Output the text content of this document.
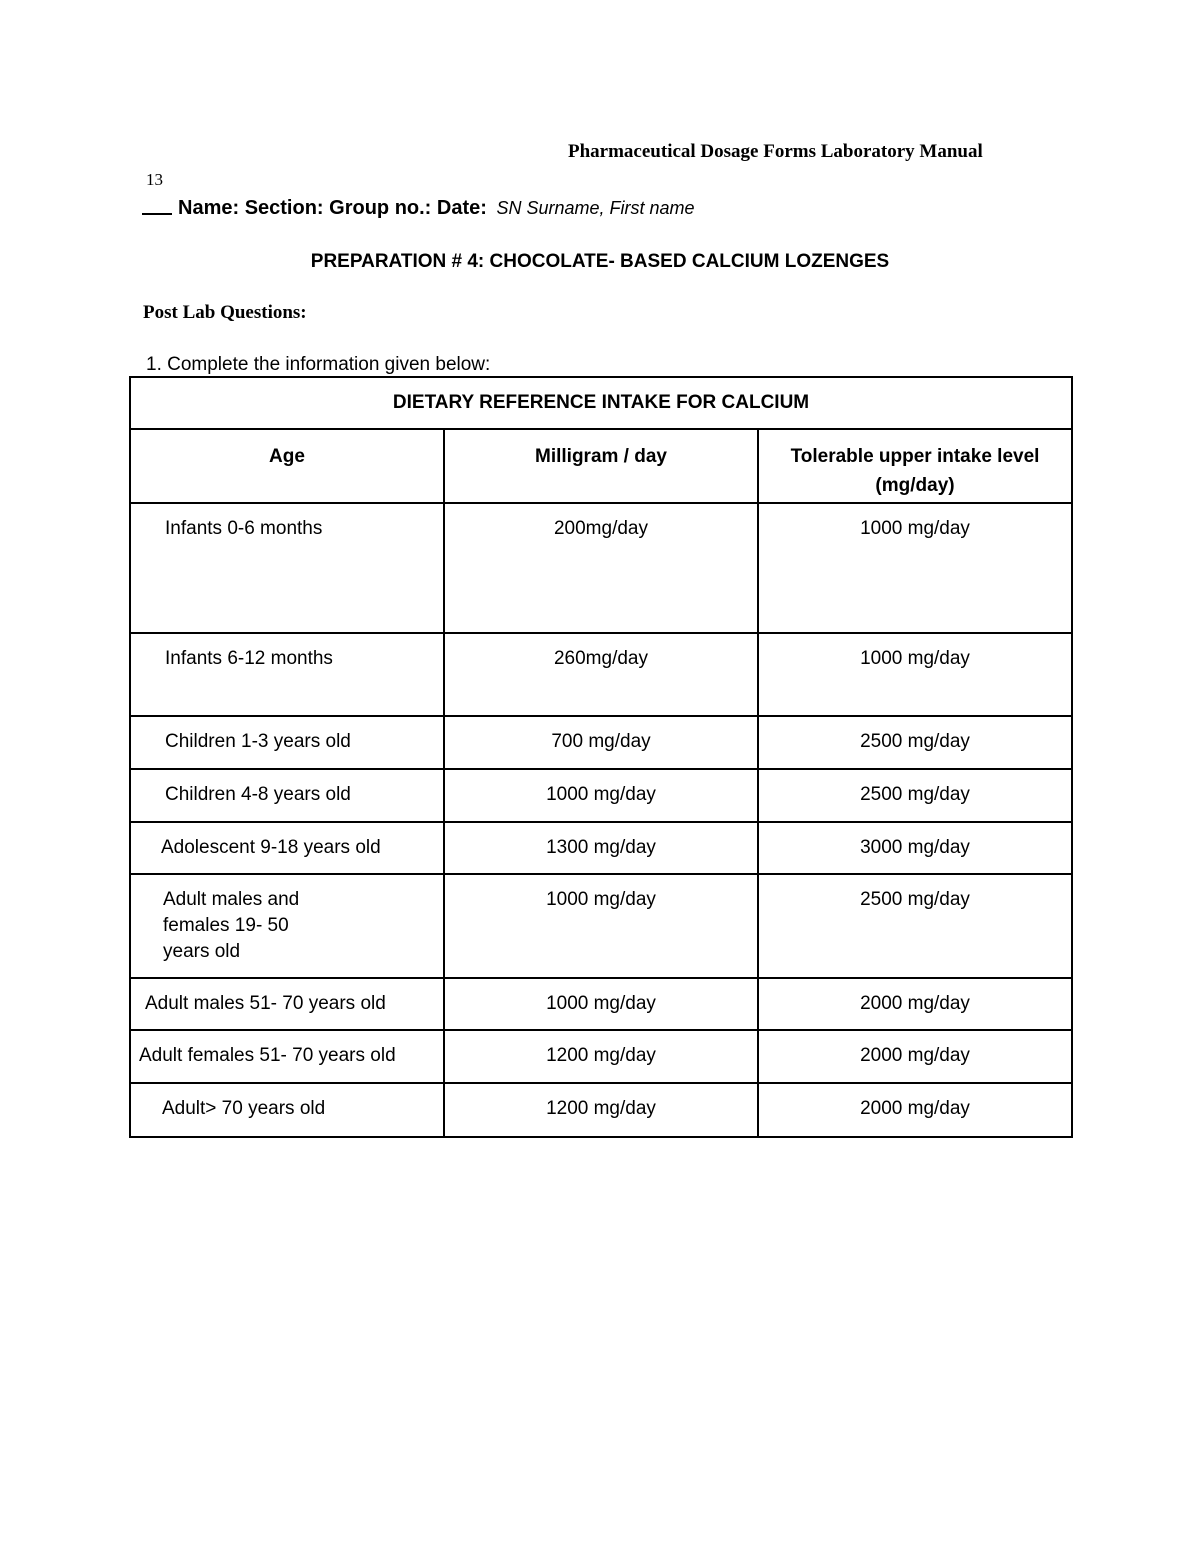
Pharmaceutical Dosage Forms Laboratory Manual
13
Name: Section: Group no.: Date: SN Surname, First name
PREPARATION # 4: CHOCOLATE- BASED CALCIUM LOZENGES
Post Lab Questions:
1. Complete the information given below:
DIETARY REFERENCE INTAKE FOR CALCIUM		
Age	Milligram / day	Tolerable upper intake level (mg/day)
Infants 0-6 months	200mg/day	1000 mg/day
Infants 6-12 months	260mg/day	1000 mg/day
Children 1-3 years old	700 mg/day	2500 mg/day
Children 4-8 years old	1000 mg/day	2500 mg/day
Adolescent 9-18 years old	1300 mg/day	3000 mg/day
Adult males and females 19- 50 years old	1000 mg/day	2500 mg/day
Adult males 51- 70 years old	1000 mg/day	2000 mg/day
Adult females 51- 70 years old	1200 mg/day	2000 mg/day
Adult> 70 years old	1200 mg/day	2000 mg/day
